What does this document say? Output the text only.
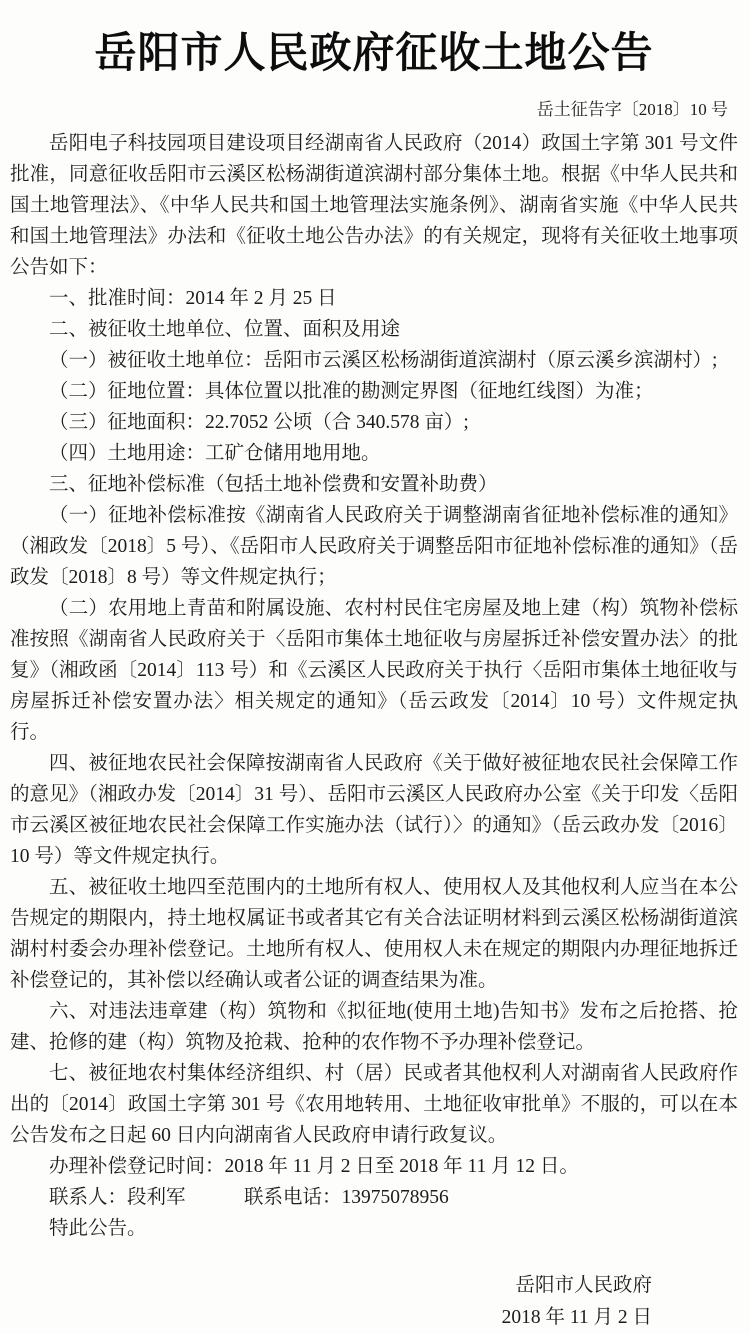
岳阳市人民政府征收土地公告
岳土征告字〔2018〕10 号

岳阳电子科技园项目建设项目经湖南省人民政府（2014）政国土字第 301 号文件批准，同意征收岳阳市云溪区松杨湖街道滨湖村部分集体土地。根据《中华人民共和国土地管理法》、《中华人民共和国土地管理法实施条例》、湖南省实施《中华人民共和国土地管理法》办法和《征收土地公告办法》的有关规定，现将有关征收土地事项公告如下：

一、批准时间：2014 年 2 月 25 日

二、被征收土地单位、位置、面积及用途

（一）被征收土地单位：岳阳市云溪区松杨湖街道滨湖村（原云溪乡滨湖村）;

（二）征地位置：具体位置以批准的勘测定界图（征地红线图）为准；

（三）征地面积：22.7052 公顷（合 340.578 亩）;

（四）土地用途：工矿仓储用地用地。

三、征地补偿标准（包括土地补偿费和安置补助费）

（一）征地补偿标准按《湖南省人民政府关于调整湖南省征地补偿标准的通知》（湘政发〔2018〕5 号）、《岳阳市人民政府关于调整岳阳市征地补偿标准的通知》（岳政发〔2018〕8 号）等文件规定执行；

（二）农用地上青苗和附属设施、农村村民住宅房屋及地上建（构）筑物补偿标准按照《湖南省人民政府关于〈岳阳市集体土地征收与房屋拆迁补偿安置办法〉的批复》（湘政函〔2014〕113 号）和《云溪区人民政府关于执行〈岳阳市集体土地征收与房屋拆迁补偿安置办法〉相关规定的通知》（岳云政发〔2014〕10 号）文件规定执行。

四、被征地农民社会保障按湖南省人民政府《关于做好被征地农民社会保障工作的意见》（湘政办发〔2014〕31 号）、岳阳市云溪区人民政府办公室《关于印发〈岳阳市云溪区被征地农民社会保障工作实施办法（试行）〉的通知》（岳云政办发〔2016〕10 号）等文件规定执行。

五、被征收土地四至范围内的土地所有权人、使用权人及其他权利人应当在本公告规定的期限内，持土地权属证书或者其它有关合法证明材料到云溪区松杨湖街道滨湖村村委会办理补偿登记。土地所有权人、使用权人未在规定的期限内办理征地拆迁补偿登记的，其补偿以经确认或者公证的调查结果为准。

六、对违法违章建（构）筑物和《拟征地(使用土地)告知书》发布之后抢搭、抢建、抢修的建（构）筑物及抢栽、抢种的农作物不予办理补偿登记。

七、被征地农村集体经济组织、村（居）民或者其他权利人对湖南省人民政府作出的〔2014〕政国土字第 301 号《农用地转用、土地征收审批单》不服的，可以在本公告发布之日起 60 日内向湖南省人民政府申请行政复议。

办理补偿登记时间：2018 年 11 月 2 日至 2018 年 11 月 12 日。

联系人：段利军　　　联系电话：13975078956

特此公告。

岳阳市人民政府
2018 年 11 月 2 日
